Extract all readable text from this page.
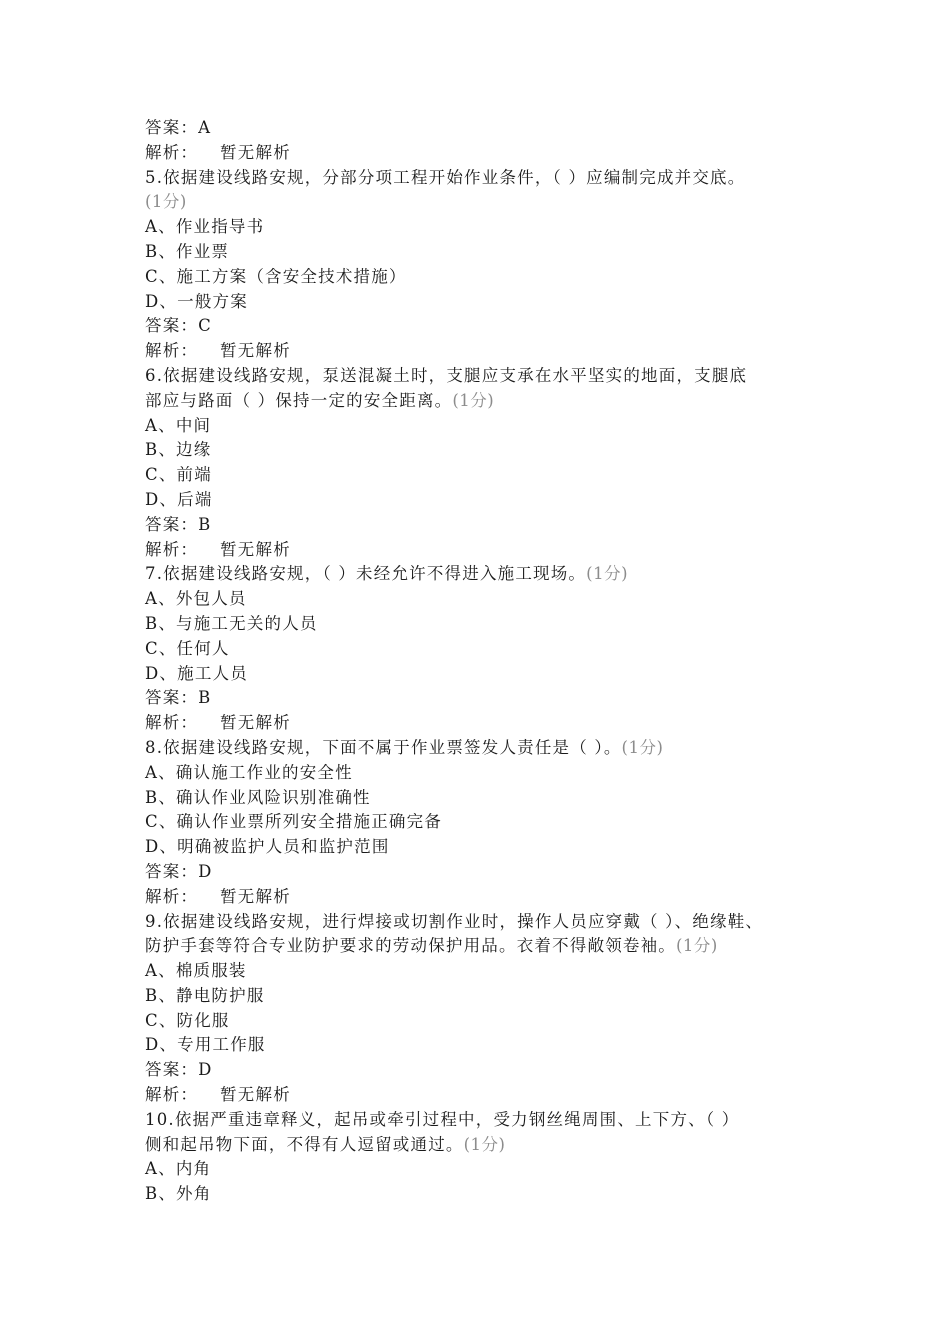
答案：A
解析： 暂无解析
5.依据建设线路安规，分部分项工程开始作业条件，（ ）应编制完成并交底。
(1分)
A、作业指导书
B、作业票
C、施工方案（含安全技术措施）
D、一般方案
答案：C
解析： 暂无解析
6.依据建设线路安规，泵送混凝土时，支腿应支承在水平坚实的地面，支腿底
部应与路面（ ）保持一定的安全距离。(1分)
A、中间
B、边缘
C、前端
D、后端
答案：B
解析： 暂无解析
7.依据建设线路安规，（ ）未经允许不得进入施工现场。(1分)
A、外包人员
B、与施工无关的人员
C、任何人
D、施工人员
答案：B
解析： 暂无解析
8.依据建设线路安规，下面不属于作业票签发人责任是（ ）。(1分)
A、确认施工作业的安全性
B、确认作业风险识别准确性
C、确认作业票所列安全措施正确完备
D、明确被监护人员和监护范围
答案：D
解析： 暂无解析
9.依据建设线路安规，进行焊接或切割作业时，操作人员应穿戴（ ）、绝缘鞋、
防护手套等符合专业防护要求的劳动保护用品。衣着不得敞领卷袖。(1分)
A、棉质服装
B、静电防护服
C、防化服
D、专用工作服
答案：D
解析： 暂无解析
10.依据严重违章释义，起吊或牵引过程中，受力钢丝绳周围、上下方、（ ）
侧和起吊物下面，不得有人逗留或通过。(1分)
A、内角
B、外角
